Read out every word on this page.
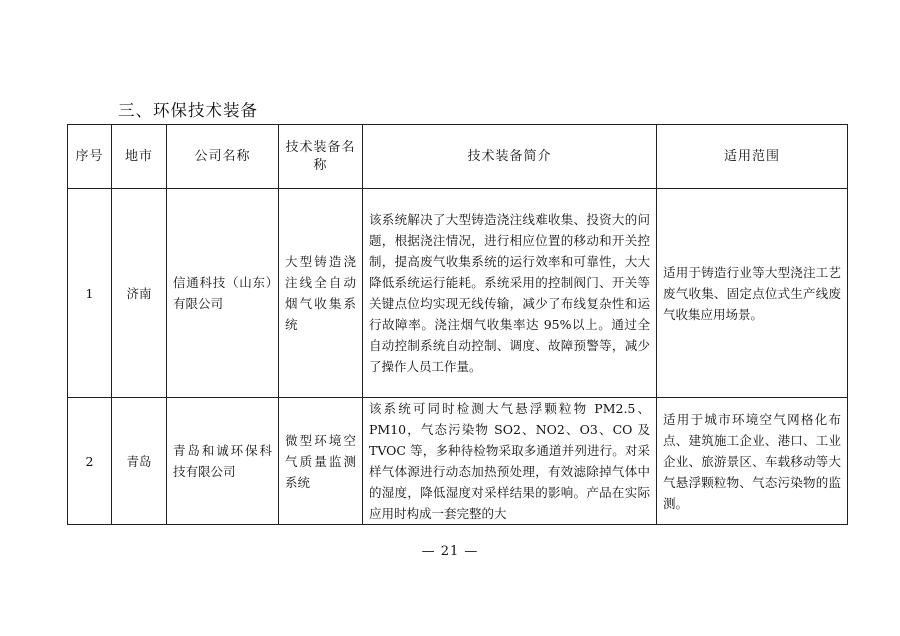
三、环保技术装备
序号	地市	公司名称	技术装备名称	技术装备简介	适用范围
1	济南	信通科技（山东）有限公司	大型铸造浇注线全自动烟气收集系统	该系统解决了大型铸造浇注线难收集、投资大的问题，根据浇注情况，进行相应位置的移动和开关控制，提高废气收集系统的运行效率和可靠性，大大降低系统运行能耗。系统采用的控制阀门、开关等关键点位均实现无线传输，减少了布线复杂性和运行故障率。浇注烟气收集率达 95%以上。通过全自动控制系统自动控制、调度、故障预警等，减少了操作人员工作量。	适用于铸造行业等大型浇注工艺废气收集、固定点位式生产线废气收集应用场景。
2	青岛	青岛和诚环保科技有限公司	微型环境空气质量监测系统	该系统可同时检测大气悬浮颗粒物 PM2.5、PM10，气态污染物 SO2、NO2、O3、CO 及 TVOC 等，多种待检物采取多通道并列进行。对采样气体源进行动态加热预处理，有效滤除掉气体中的湿度，降低湿度对采样结果的影响。产品在实际应用时构成一套完整的大	适用于城市环境空气网格化布点、建筑施工企业、港口、工业企业、旅游景区、车载移动等大气悬浮颗粒物、气态污染物的监测。
— 21 —
